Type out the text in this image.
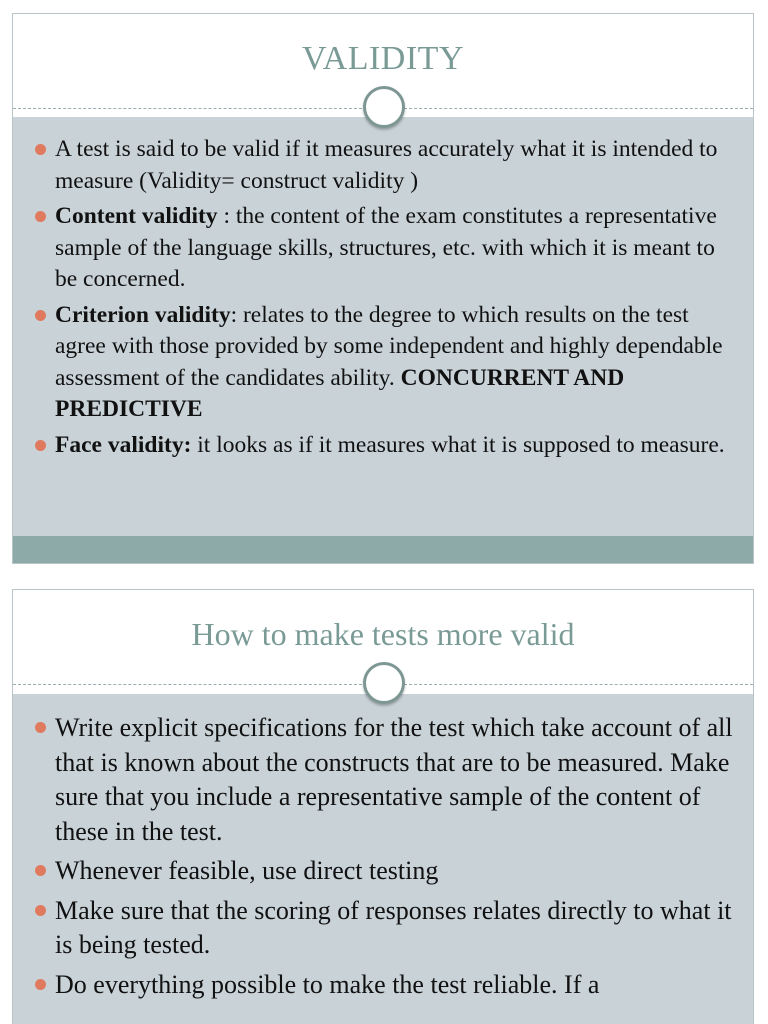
VALIDITY
A test is said to be valid if it measures accurately what it is intended to measure (Validity= construct validity )
Content validity : the content of the exam constitutes a representative sample of the language skills, structures, etc. with which it is meant to be concerned.
Criterion validity: relates to the degree to which results on the test agree with those provided by some independent and highly dependable assessment of the candidates ability. CONCURRENT AND PREDICTIVE
Face validity: it looks as if it measures what it is supposed to measure.
How to make tests more valid
Write explicit specifications for the test which take account of all that is known about the constructs that are to be measured. Make sure that you include a representative sample of the content of these in the test.
Whenever feasible, use direct testing
Make sure that the scoring of responses relates directly to what it is being tested.
Do everything possible to make the test reliable. If a
